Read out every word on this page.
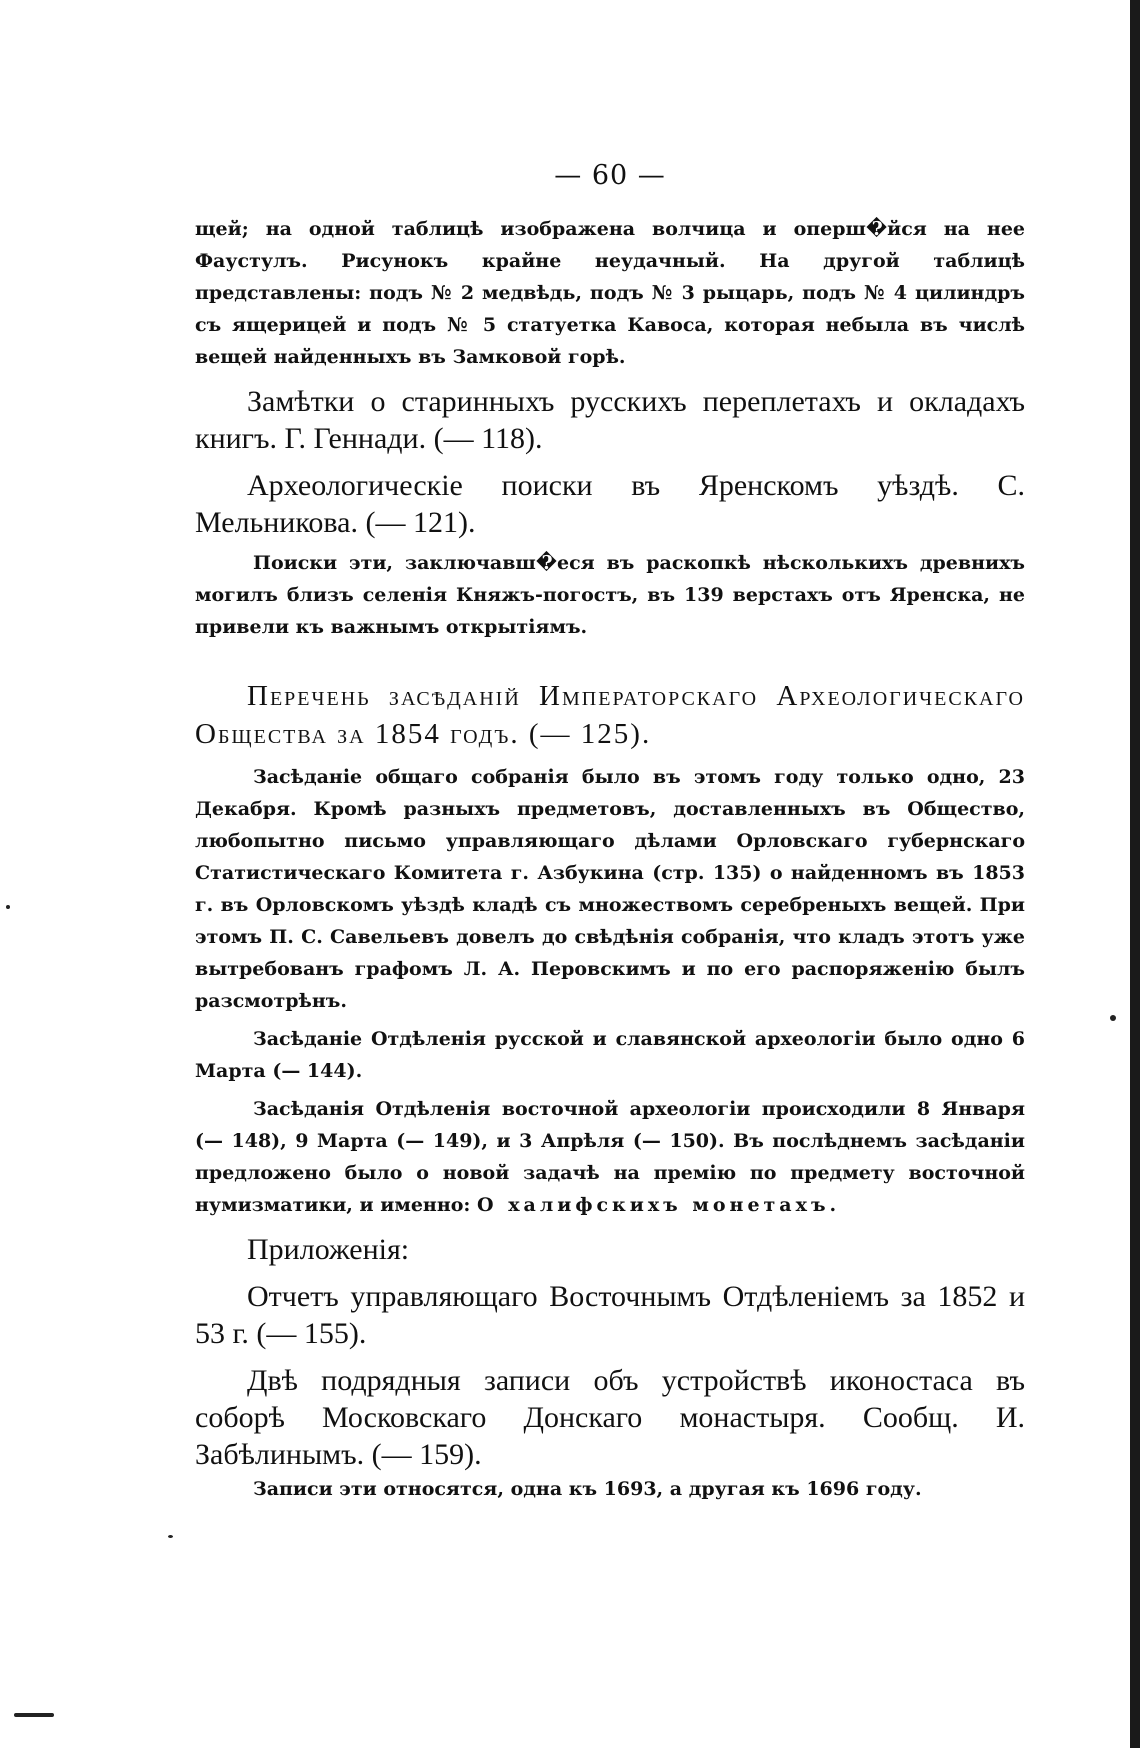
— 60 —

щей; на одной таблицѣ изображена волчица и оперш�йся на нее Фаустулъ. Рисунокъ крайне неудачный. На другой таблицѣ представлены: подъ № 2 медвѣдь, подъ № 3 рыцарь, подъ № 4 цилиндръ съ ящерицей и подъ № 5 статуетка Кавоса, которая небыла въ числѣ вещей найденныхъ въ Замковой горѣ.

Замѣтки о старинныхъ русскихъ переплетахъ и окладахъ книгъ. Г. Геннади. (— 118).

Археологическiе поиски въ Яренскомъ уѣздѣ. С. Мельникова. (— 121).

Поиски эти, заключавш�еся въ раскопкѣ нѣсколькихъ древнихъ могилъ близъ селенiя Княжъ-погостъ, въ 139 верстахъ отъ Яренска, не привели къ важнымъ открытiямъ.

Перечень засѣданiй Императорскаго Археологическаго Общества за 1854 годъ. (— 125).

Засѣданiе общаго собранiя было въ этомъ году только одно, 23 Декабря. Кромѣ разныхъ предметовъ, доставленныхъ въ Общество, любопытно письмо управляющаго дѣлами Орловскаго губернскаго Статистическаго Комитета г. Азбукина (стр. 135) о найденномъ въ 1853 г. въ Орловскомъ уѣздѣ кладѣ съ множествомъ серебреныхъ вещей. При этомъ П. С. Савельевъ довелъ до свѣдѣнiя собранiя, что кладъ этотъ уже вытребованъ графомъ Л. А. Перовскимъ и по его распоряженiю былъ разсмотрѣнъ.

Засѣданiе Отдѣленiя русской и славянской археологiи было одно 6 Марта (— 144).

Засѣданiя Отдѣленiя восточной археологiи происходили 8 Января (— 148), 9 Марта (— 149), и 3 Апрѣля (— 150). Въ послѣднемъ засѣданiи предложено было о новой задачѣ на премiю по предмету восточной нумизматики, и именно: О халифскихъ монетахъ.

Приложенiя:

Отчетъ управляющаго Восточнымъ Отдѣленiемъ за 1852 и 53 г. (— 155).

Двѣ подрядныя записи объ устройствѣ иконостаса въ соборѣ Московскаго Донскаго монастыря. Сообщ. И. Забѣлинымъ. (— 159).

Записи эти относятся, одна къ 1693, а другая къ 1696 году.
